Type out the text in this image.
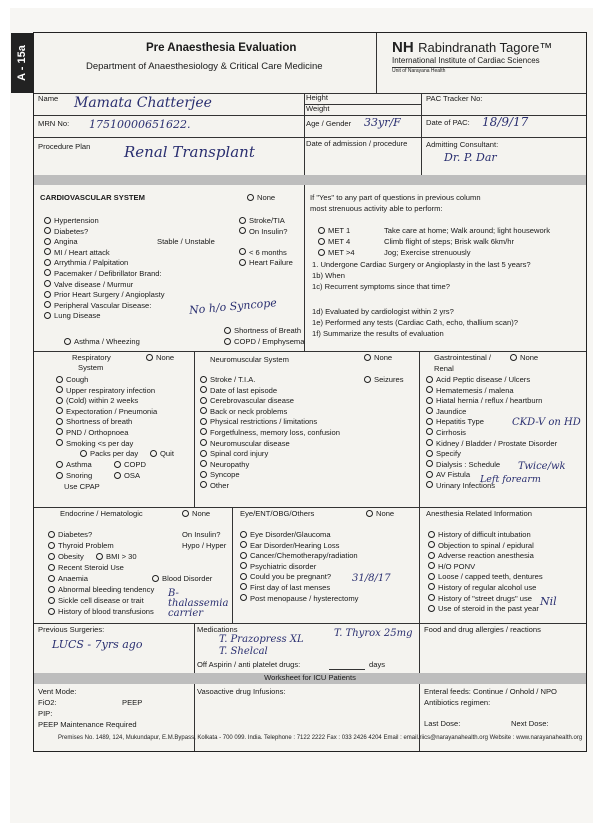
A - 15a	Pre Anaesthesia Evaluation
Department of Anaesthesiology & Critical Care Medicine
NH Rabindranath Tagore™
International Institute of Cardiac Sciences
Unit of Narayana Health
Name Mamata Chatterjee	Height
Weight
PAC Tracker No:
MRN No: 17510000651622.	Age / Gender 33yr/F	Date of PAC: 18/9/17
Procedure Plan Renal Transplant	Date of admission / procedure	Admitting Consultant:
Dr. P. Dar
CARDIOVASCULAR SYSTEM	None
Hypertension
Diabetes?
Angina
MI / Heart attack
Arrythmia / Palpitation
Pacemaker / Defibrillator Brand:
Valve disease / Murmur
Prior Heart Surgery / Angioplasty
Peripheral Vascular Disease:
Lung Disease
Stable / Unstable
Stroke/TIA
On Insulin?
< 6 months
Heart Failure
Asthma / Wheezing
Shortness of Breath
COPD / Emphysema
No h/o Syncope
If "Yes" to any part of questions in previous column
most strenuous activity able to perform:
MET 1	Take care at home; Walk around; light housework
MET 4	Climb flight of steps; Brisk walk 6km/hr
MET >4	Jog; Exercise strenuously
1. Undergone Cardiac Surgery or Angioplasty in the last 5 years?
1b) When
1c) Recurrent symptoms since that time?
1d) Evaluated by cardiologist within 2 yrs?
1e) Performed any tests (Cardiac Cath, echo, thallium scan)?
1f) Summarize the results of evaluation
Respiratory
System
None
Cough
Upper respiratory infection
(Cold) within 2 weeks
Expectoration / Pneumonia
Shortness of breath
PND / Orthopnoea
Smoking <s per day
Packs per day	Quit
Asthma	COPD
Snoring	OSA
Use CPAP
Neuromuscular System	None
Seizures
Stroke / T.I.A.
Date of last episode
Cerebrovascular disease
Back or neck problems
Physical restrictions / limitations
Forgetfulness, memory loss, confusion
Neuromuscular disease
Spinal cord injury
Neuropathy
Syncope
Other
Gastrointestinal /
Renal
None
Acid Peptic disease / Ulcers
Hematemesis / malena
Hiatal hernia / reflux / heartburn
Jaundice
Hepatitis Type
Cirrhosis
Kidney / Bladder / Prostate Disorder
Specify
Dialysis : Schedule
AV Fistula
Urinary Infections
CKD-V on HD
Twice/wk
Left forearm
Endocrine / Hematologic	None
Diabetes?	On Insulin?
Thyroid Problem	Hypo / Hyper
Obesity	BMI > 30
Recent Steroid Use
Anaemia	Blood Disorder
Abnormal bleeding tendency
Sickle cell disease or trait
History of blood transfusions
B-thalassemia carrier
Eye/ENT/OBG/Others	None
Eye Disorder/Glaucoma
Ear Disorder/Hearing Loss
Cancer/Chemotherapy/radiation
Psychiatric disorder
Could you be pregnant?
First day of last menses
Post menopause / hysterectomy
31/8/17
Anesthesia Related Information
History of difficult intubation
Objection to spinal / epidural
Adverse reaction anesthesia
H/O PONV
Loose / capped teeth, dentures
History of regular alcohol use
History of "street drugs" use
Use of steroid in the past year
Nil
Previous Surgeries:
LUCS - 7yrs ago
Medications
T. Prazopress XL
T. Thyrox 25mg
T. Shelcal
Off Aspirin / anti platelet drugs:	days
Food and drug allergies / reactions
Worksheet for ICU Patients
Vent Mode:
FiO2:	PEEP
PIP:
PEEP Maintenance Required
Vasoactive drug Infusions:	Enteral feeds: Continue / Onhold / NPO
Antibiotics regimen:
Last Dose:	Next Dose:
Premises No. 1489, 124, Mukundapur, E.M.Bypass, Kolkata - 700 099. India. Telephone : 7122 2222 Fax : 033 2426 4204 Email : email.riics@narayanahealth.org Website : www.narayanahealth.org
